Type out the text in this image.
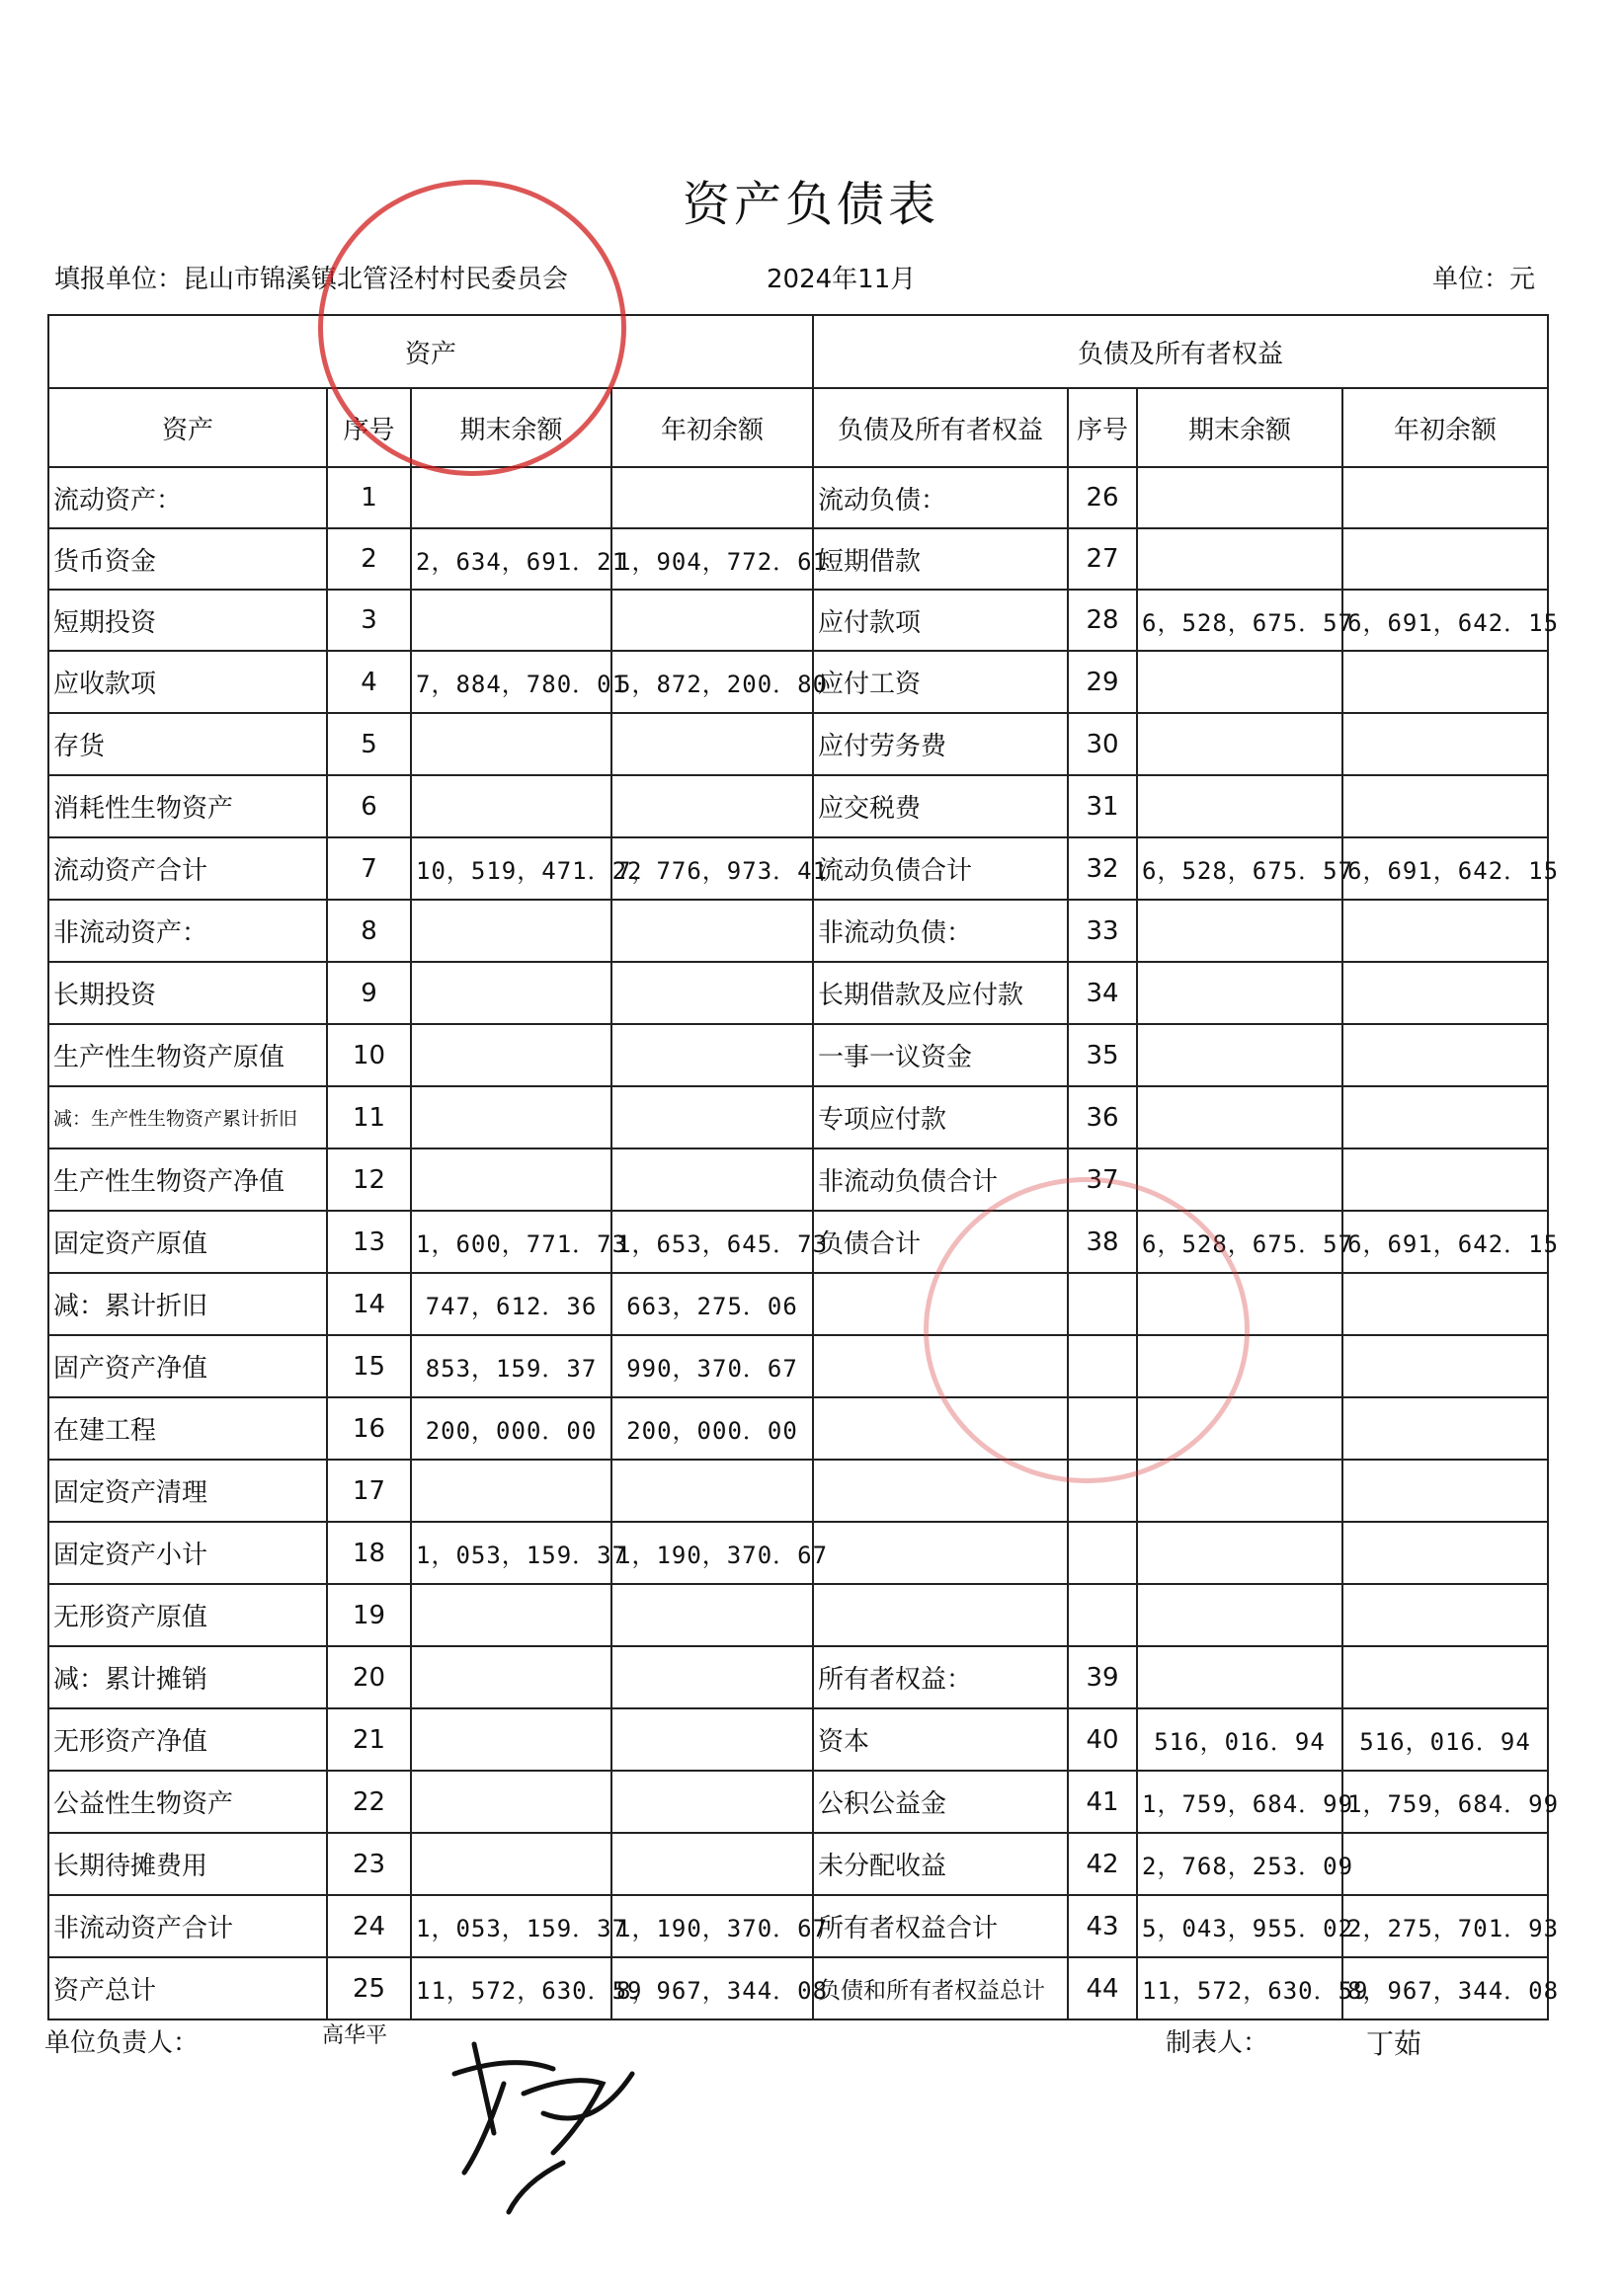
资产负债表
填报单位：昆山市锦溪镇北管泾村村民委员会	2024年11月	单位：元
资产				负债及所有者权益			
资产	序号	期末余额	年初余额	负债及所有者权益	序号	期末余额	年初余额
流动资产：	1			流动负债：	26		
货币资金	2	2，634，691．21	1，904，772．61	短期借款	27		
短期投资	3			应付款项	28	6，528，675．57	6，691，642．15
应收款项	4	7，884，780．01	5，872，200．80	应付工资	29		
存货	5			应付劳务费	30		
消耗性生物资产	6			应交税费	31		
流动资产合计	7	10，519，471．22	7，776，973．41	流动负债合计	32	6，528，675．57	6，691，642．15
非流动资产：	8			非流动负债：	33		
长期投资	9			长期借款及应付款	34		
生产性生物资产原值	10			一事一议资金	35		
减：生产性生物资产累计折旧	11			专项应付款	36		
生产性生物资产净值	12			非流动负债合计	37		
固定资产原值	13	1，600，771．73	1，653，645．73	负债合计	38	6，528，675．57	6，691，642．15
减：累计折旧	14	747，612．36	663，275．06				
固产资产净值	15	853，159．37	990，370．67				
在建工程	16	200，000．00	200，000．00				
固定资产清理	17						
固定资产小计	18	1，053，159．37	1，190，370．67				
无形资产原值	19						
减：累计摊销	20			所有者权益：	39		
无形资产净值	21			资本	40	516，016．94	516，016．94
公益性生物资产	22			公积公益金	41	1，759，684．99	1，759，684．99
长期待摊费用	23			未分配收益	42	2，768，253．09	
非流动资产合计	24	1，053，159．37	1，190，370．67	所有者权益合计	43	5，043，955．02	2，275，701．93
资产总计	25	11，572，630．59	8，967，344．08	负债和所有者权益总计	44	11，572，630．59	8，967，344．08
单位负责人：	高华平	制表人：	丁茹
